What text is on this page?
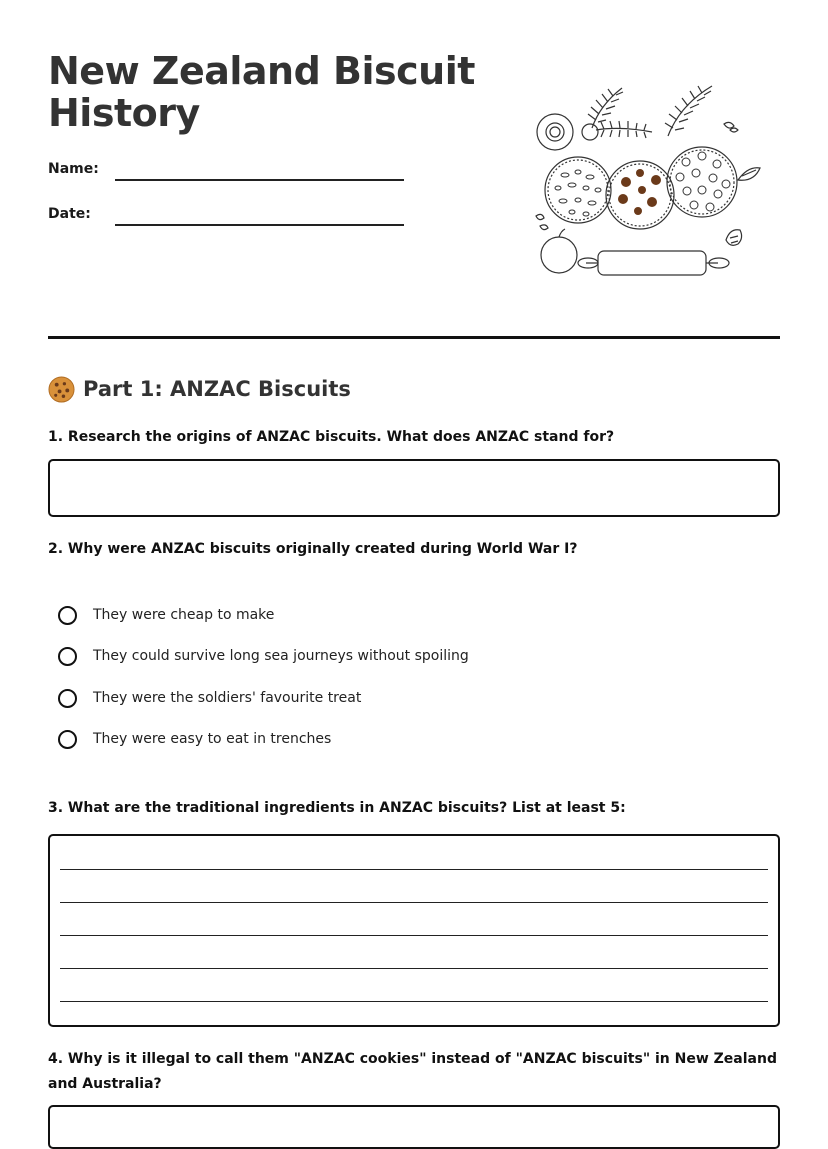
New Zealand Biscuit History
Name:
Date:
Part 1: ANZAC Biscuits
1. Research the origins of ANZAC biscuits. What does ANZAC stand for?
2. Why were ANZAC biscuits originally created during World War I?
They were cheap to make
They could survive long sea journeys without spoiling
They were the soldiers' favourite treat
They were easy to eat in trenches
3. What are the traditional ingredients in ANZAC biscuits? List at least 5:
4. Why is it illegal to call them "ANZAC cookies" instead of "ANZAC biscuits" in New Zealand and Australia?
